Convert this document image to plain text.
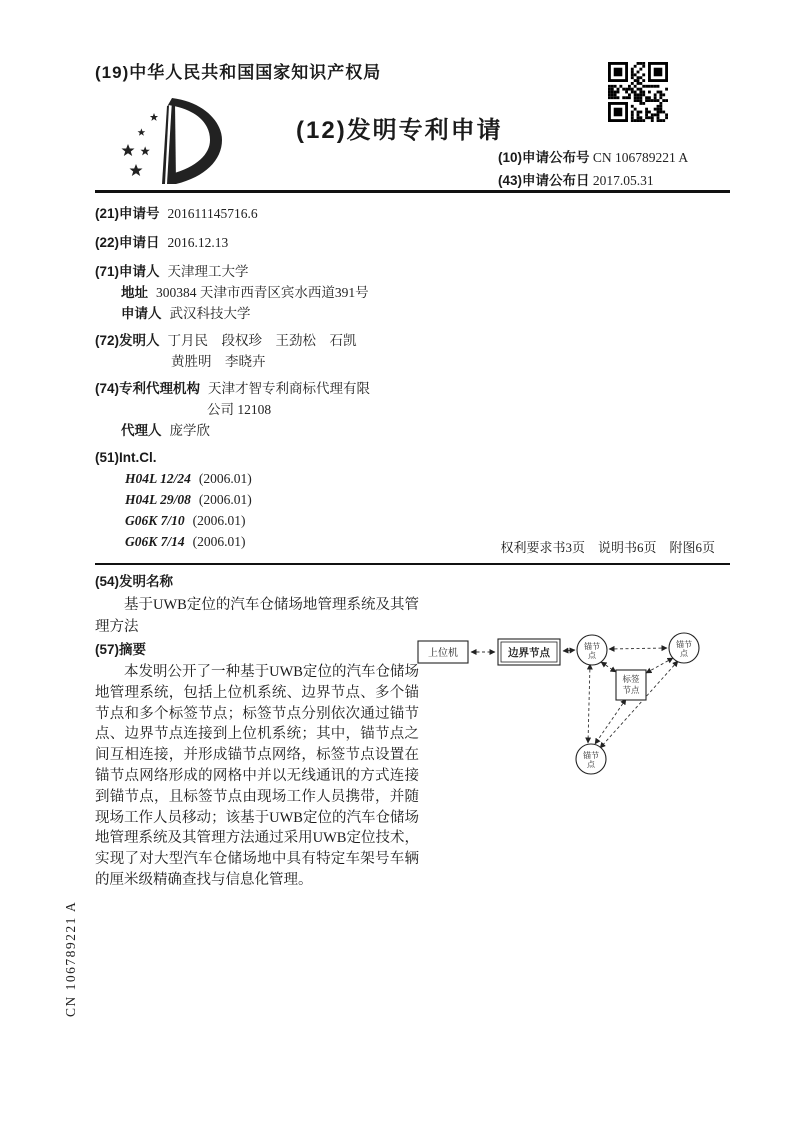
(19)中华人民共和国国家知识产权局
(12)发明专利申请
(10)申请公布号 CN 106789221 A
(43)申请公布日 2017.05.31
(21)申请号 201611145716.6
(22)申请日 2016.12.13
(71)申请人 天津理工大学
地址 300384 天津市西青区宾水西道391号
申请人 武汉科技大学
(72)发明人 丁月民　段权珍　王劲松　石凯
黄胜明　李晓卉
(74)专利代理机构 天津才智专利商标代理有限
公司 12108
代理人 庞学欣
(51)Int.Cl.
H04L 12/24 (2006.01)
H04L 29/08 (2006.01)
G06K 7/10 (2006.01)
G06K 7/14 (2006.01)	权利要求书3页　说明书6页　附图6页
(54)发明名称

基于UWB定位的汽车仓储场地管理系统及其管理方法

(57)摘要

本发明公开了一种基于UWB定位的汽车仓储场地管理系统，包括上位机系统、边界节点、多个锚节点和多个标签节点；标签节点分别依次通过锚节点、边界节点连接到上位机系统；其中，锚节点之间互相连接，并形成锚节点网络，标签节点设置在锚节点网络形成的网格中并以无线通讯的方式连接到锚节点，且标签节点由现场工作人员携带，并随现场工作人员移动；该基于UWB定位的汽车仓储场地管理系统及其管理方法通过采用UWB定位技术，实现了对大型汽车仓储场地中具有特定车架号车辆的厘米级精确查找与信息化管理。

上位机	边界节点
锚节
点
锚节
点
锚节
点
标签
节点
CN 106789221 A
